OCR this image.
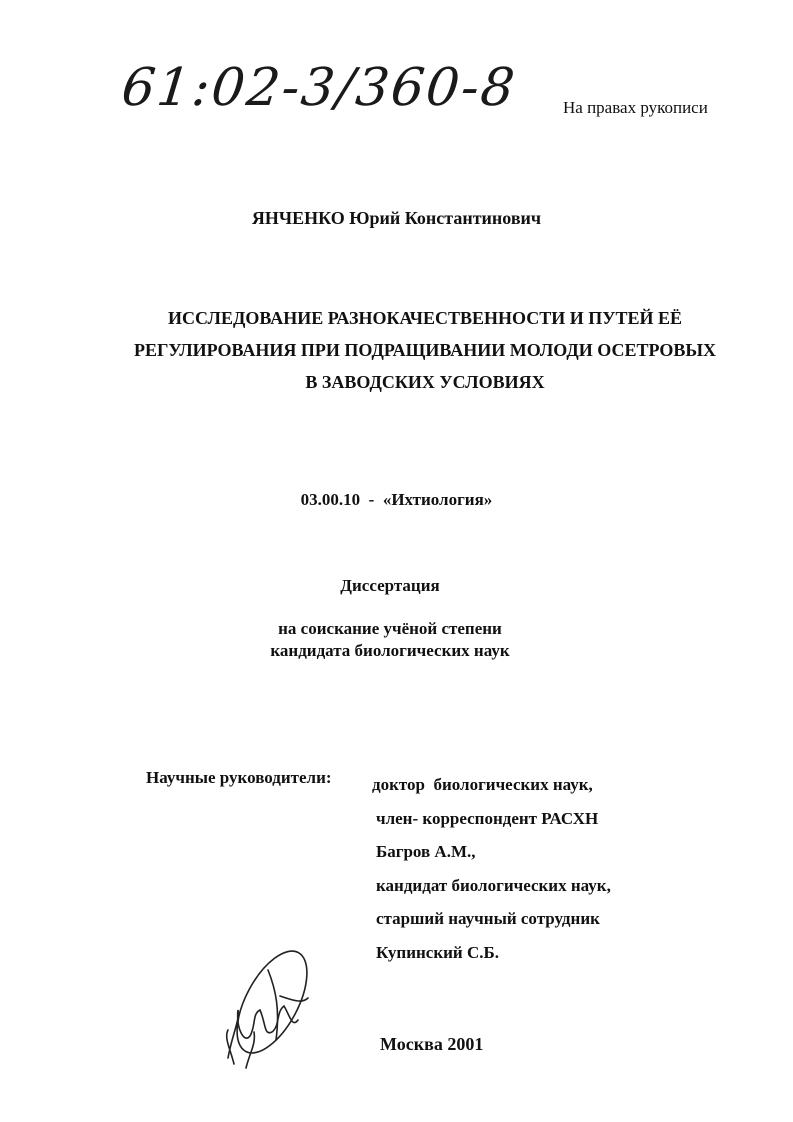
61:02-3/360-8	На правах рукописи
ЯНЧЕНКО Юрий Константинович
ИССЛЕДОВАНИЕ РАЗНОКАЧЕСТВЕННОСТИ И ПУТЕЙ ЕЁ
РЕГУЛИРОВАНИЯ ПРИ ПОДРАЩИВАНИИ МОЛОДИ ОСЕТРОВЫХ
В ЗАВОДСКИХ УСЛОВИЯХ
03.00.10  -  «Ихтиология»
Диссертация
на соискание учёной степени
кандидата биологических наук
Научные руководители: доктор  биологических наук,
член- корреспондент РАСХН
Багров А.М.,
кандидат биологических наук,
старший научный сотрудник
Купинский С.Б.
Москва 2001
